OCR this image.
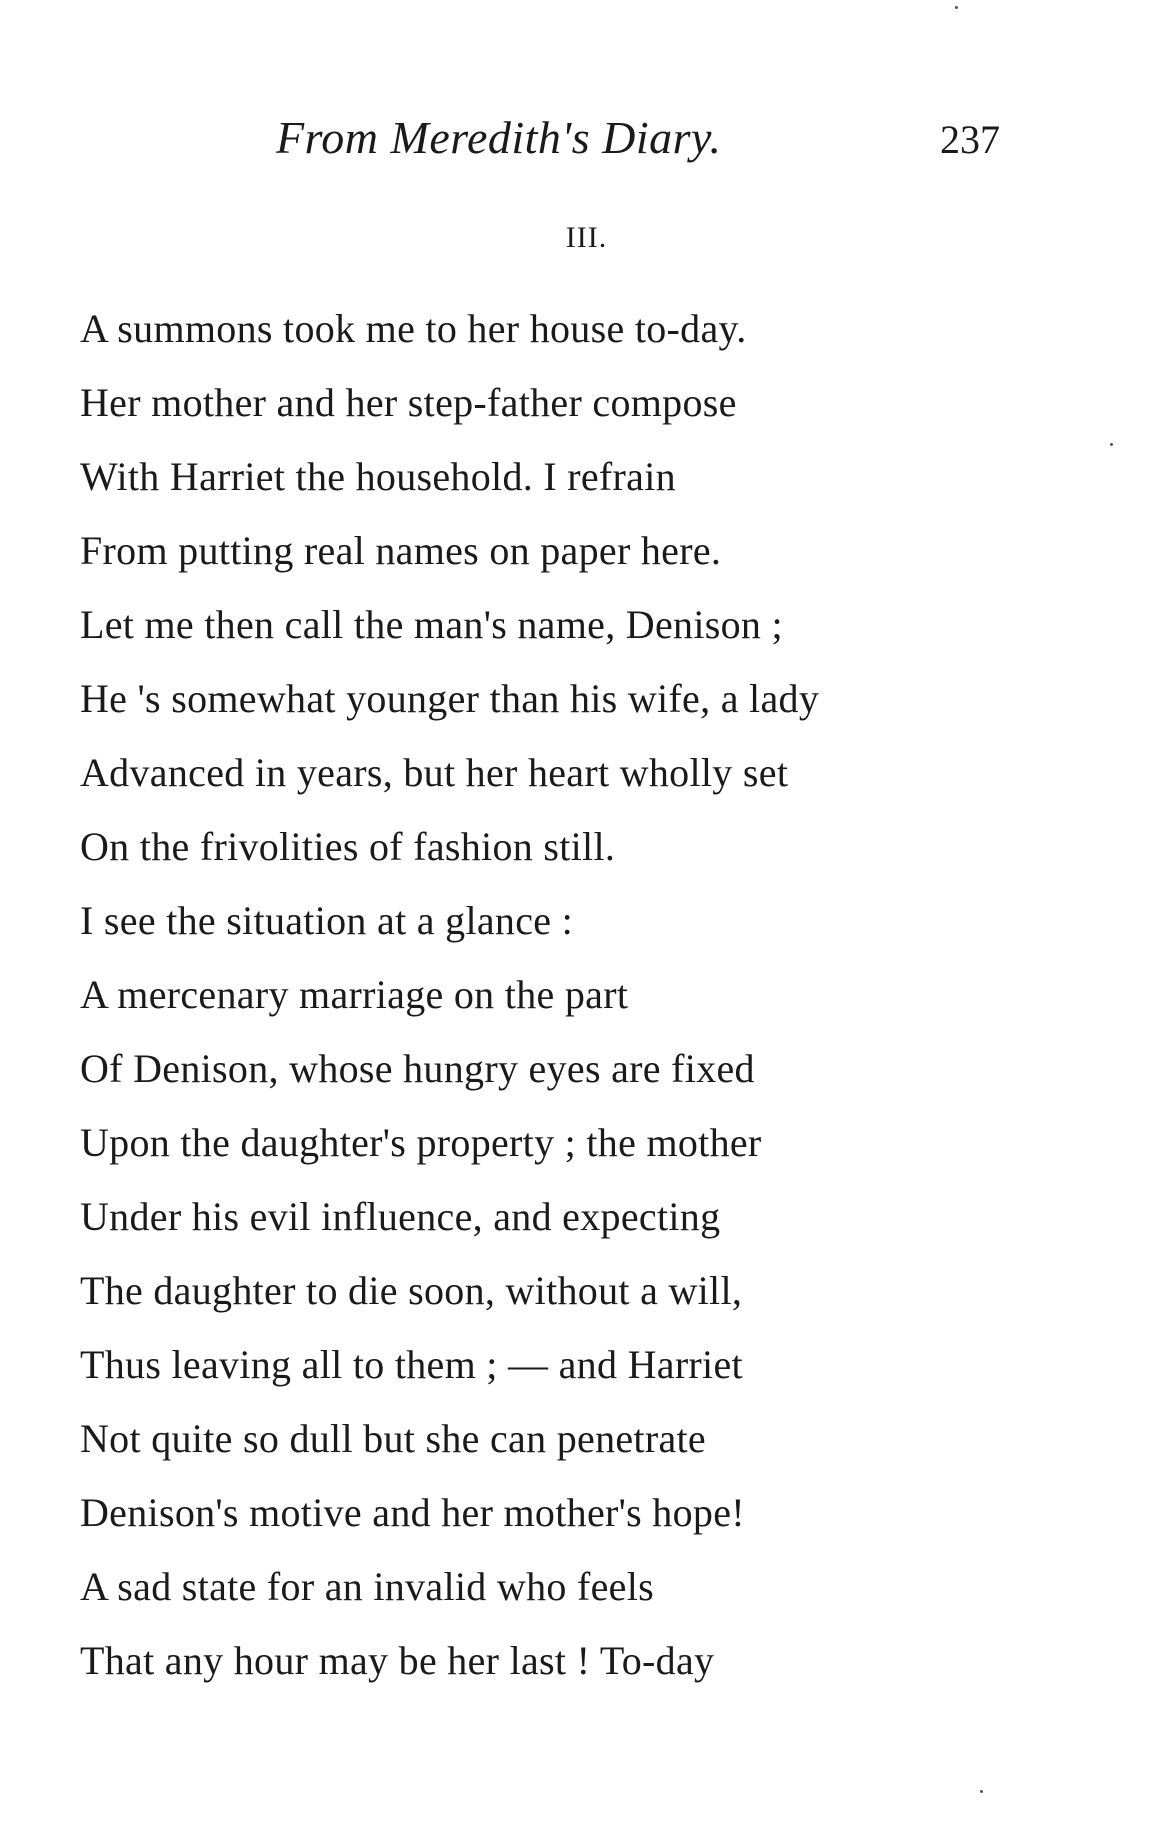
From Meredith's Diary.	237
III.
A summons took me to her house to-day.
Her mother and her step-father compose
With Harriet the household. I refrain
From putting real names on paper here.
Let me then call the man's name, Denison ;
He 's somewhat younger than his wife, a lady
Advanced in years, but her heart wholly set
On the frivolities of fashion still.
I see the situation at a glance :
A mercenary marriage on the part
Of Denison, whose hungry eyes are fixed
Upon the daughter's property ; the mother
Under his evil influence, and expecting
The daughter to die soon, without a will,
Thus leaving all to them ; — and Harriet
Not quite so dull but she can penetrate
Denison's motive and her mother's hope!
A sad state for an invalid who feels
That any hour may be her last ! To-day
